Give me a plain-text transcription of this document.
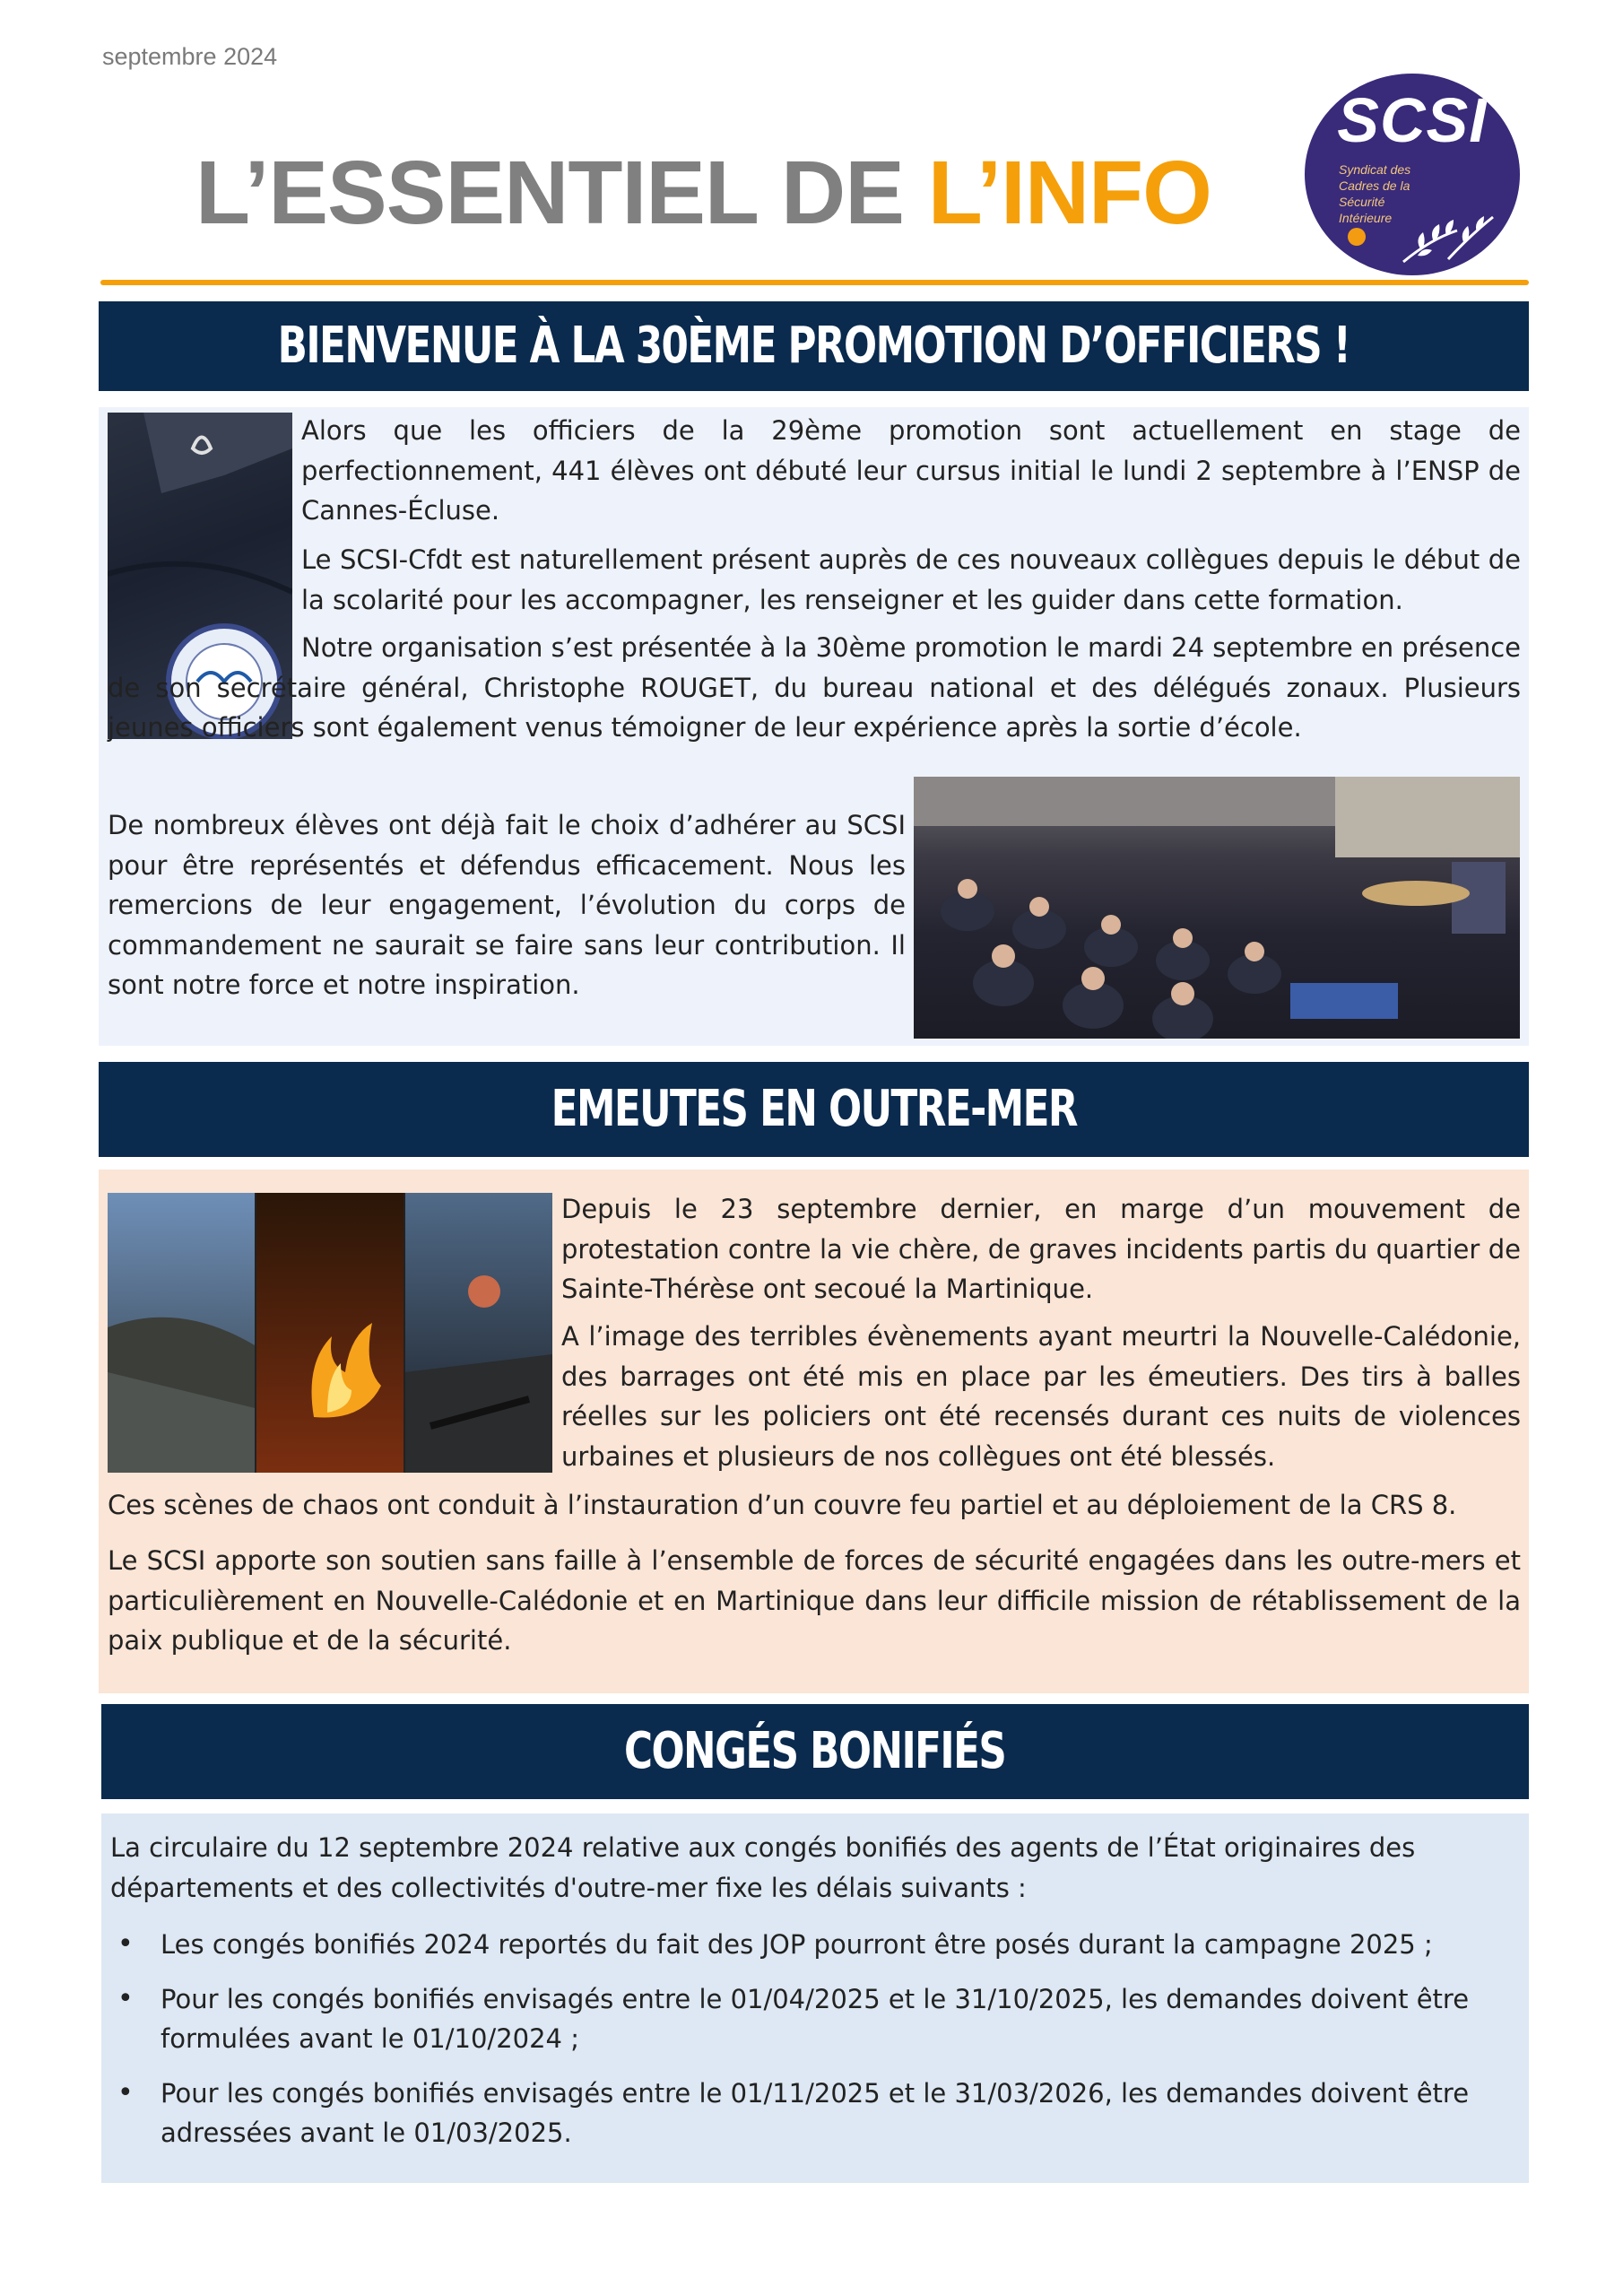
septembre 2024
L’ESSENTIEL DE L’INFO
SCSI
Syndicat des
Cadres de la
Sécurité
Intérieure
BIENVENUE À LA 30ÈME PROMOTION D’OFFICIERS !

Alors que les officiers de la 29ème promotion sont actuellement en stage de perfectionnement, 441 élèves ont débuté leur cursus initial le lundi 2 septembre à l’ENSP de Cannes-Écluse.

Le SCSI-Cfdt est naturellement présent auprès de ces nouveaux collègues depuis le début de la scolarité pour les accompagner, les renseigner et les guider dans cette formation.

Notre organisation s’est présentée à la 30ème promotion le mardi 24 septembre en présence de son secrétaire général, Christophe ROUGET, du bureau national et des délégués zonaux. Plusieurs jeunes officiers sont également venus témoigner de leur expérience après la sortie d’école.

De nombreux élèves ont déjà fait le choix d’adhérer au SCSI pour être représentés et défendus efficacement. Nous les remercions de leur engagement, l’évolution du corps de commandement ne saurait se faire sans leur contribution. Il sont notre force et notre inspiration.

EMEUTES EN OUTRE-MER

Depuis le 23 septembre dernier, en marge d’un mouvement de protestation contre la vie chère, de graves incidents partis du quartier de Sainte-Thérèse ont secoué la Martinique.

A l’image des terribles évènements ayant meurtri la Nouvelle-Calédonie, des barrages ont été mis en place par les émeutiers. Des tirs à balles réelles sur les policiers ont été recensés durant ces nuits de violences urbaines et plusieurs de nos collègues ont été blessés.

Ces scènes de chaos ont conduit à l’instauration d’un couvre feu partiel et au déploiement de la CRS 8.

Le SCSI apporte son soutien sans faille à l’ensemble de forces de sécurité engagées dans les outre-mers et particulièrement en Nouvelle-Calédonie et en Martinique dans leur difficile mission de rétablissement de la paix publique et de la sécurité.

CONGÉS BONIFIÉS

La circulaire du 12 septembre 2024 relative aux congés bonifiés des agents de l’État originaires des départements et des collectivités d'outre-mer fixe les délais suivants :

• Les congés bonifiés 2024 reportés du fait des JOP pourront être posés durant la campagne 2025 ;
• Pour les congés bonifiés envisagés entre le 01/04/2025 et le 31/10/2025, les demandes doivent être formulées avant le 01/10/2024 ;
• Pour les congés bonifiés envisagés entre le 01/11/2025 et le 31/03/2026, les demandes doivent être adressées avant le 01/03/2025.
